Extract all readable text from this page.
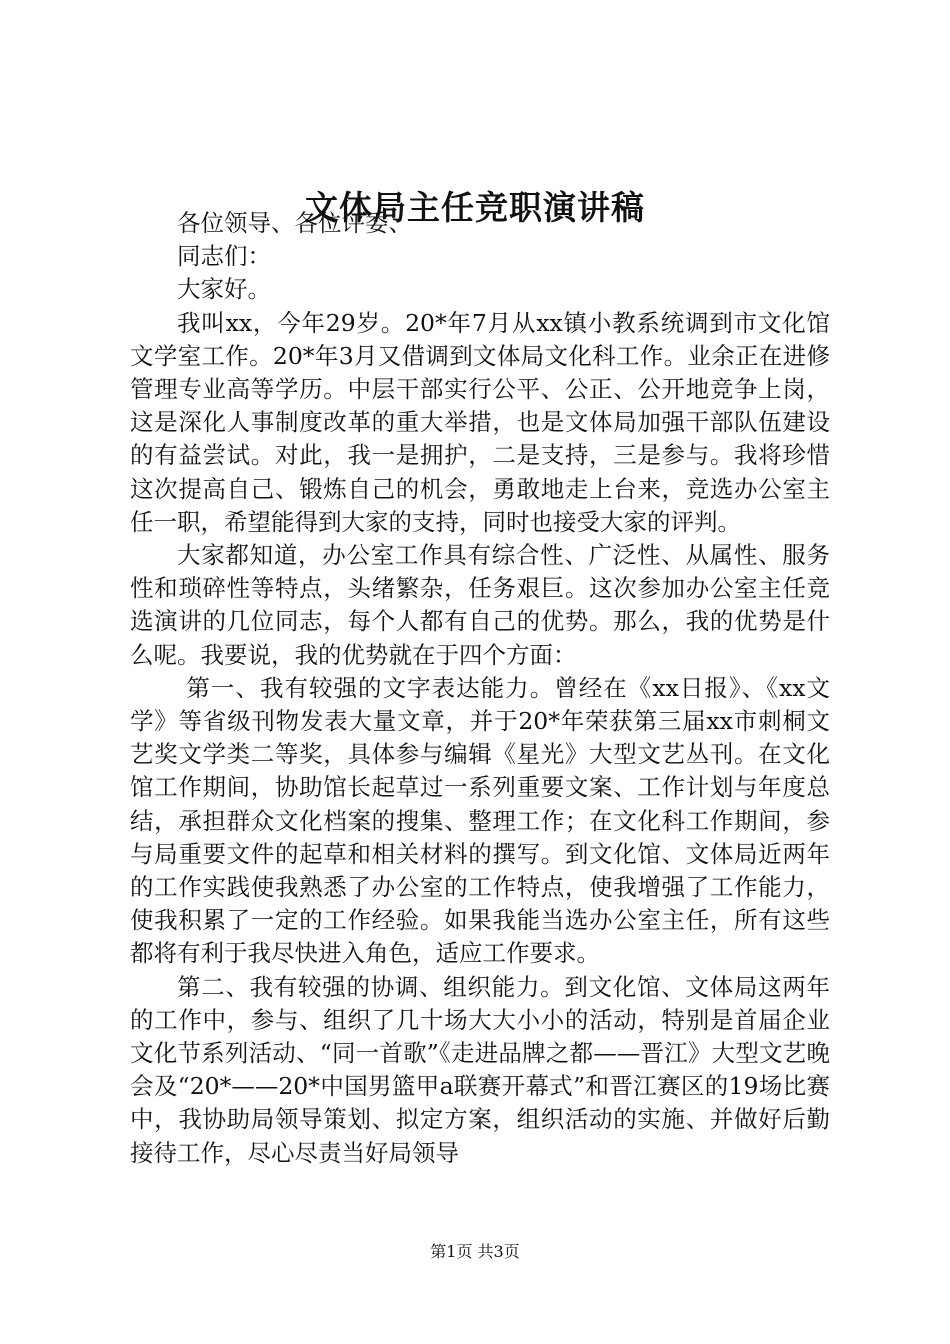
文体局主任竞职演讲稿

各位领导、各位评委、

同志们：

大家好。

我叫xx，今年29岁。20*年7月从xx镇小教系统调到市文化馆文学室工作。20*年3月又借调到文体局文化科工作。业余正在进修管理专业高等学历。中层干部实行公平、公正、公开地竞争上岗，这是深化人事制度改革的重大举措，也是文体局加强干部队伍建设的有益尝试。对此，我一是拥护，二是支持，三是参与。我将珍惜这次提高自己、锻炼自己的机会，勇敢地走上台来，竞选办公室主任一职，希望能得到大家的支持，同时也接受大家的评判。

大家都知道，办公室工作具有综合性、广泛性、从属性、服务性和琐碎性等特点，头绪繁杂，任务艰巨。这次参加办公室主任竞选演讲的几位同志，每个人都有自己的优势。那么，我的优势是什么呢。我要说，我的优势就在于四个方面：

第一、我有较强的文字表达能力。曾经在《xx日报》、《xx文学》等省级刊物发表大量文章，并于20*年荣获第三届xx市刺桐文艺奖文学类二等奖，具体参与编辑《星光》大型文艺丛刊。在文化馆工作期间，协助馆长起草过一系列重要文案、工作计划与年度总结，承担群众文化档案的搜集、整理工作；在文化科工作期间，参与局重要文件的起草和相关材料的撰写。到文化馆、文体局近两年的工作实践使我熟悉了办公室的工作特点，使我增强了工作能力，使我积累了一定的工作经验。如果我能当选办公室主任，所有这些都将有利于我尽快进入角色，适应工作要求。

第二、我有较强的协调、组织能力。到文化馆、文体局这两年的工作中，参与、组织了几十场大大小小的活动，特别是首届企业文化节系列活动、“同一首歌”《走进品牌之都——晋江》大型文艺晚会及“20*——20*中国男篮甲a联赛开幕式”和晋江赛区的19场比赛中，我协助局领导策划、拟定方案，组织活动的实施、并做好后勤接待工作，尽心尽责当好局领导

第1页 共3页
